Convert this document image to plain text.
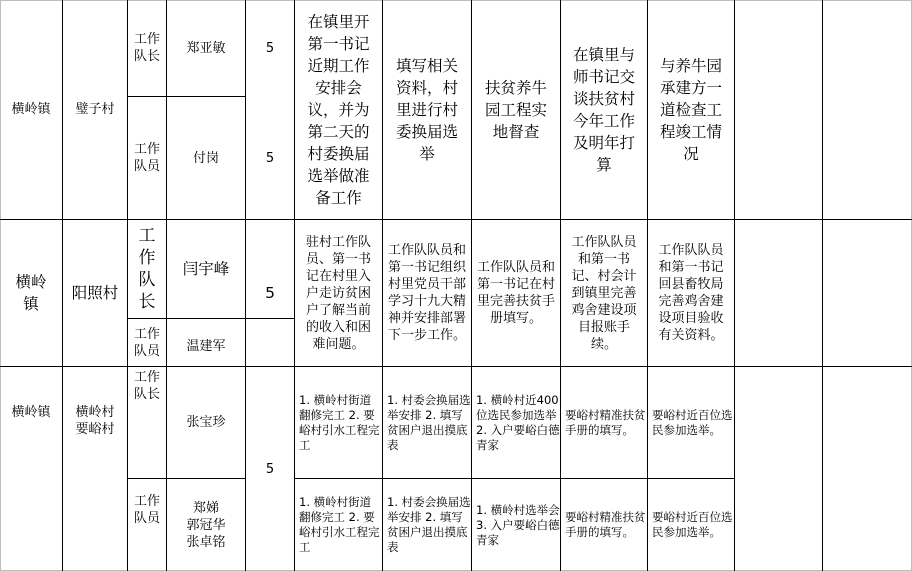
横岭镇 璧子村
工作队长
郑亚敏	5
工作队员
付岗	5
在镇里开第一书记近期工作安排会议，并为第二天的村委换届选举做准备工作
填写相关资料，村里进行村委换届选举
扶贫养牛园工程实地督查
在镇里与师书记交谈扶贫村今年工作及明年打算
与养牛园承建方一道检查工程竣工情况
横岭镇
阳照村
工作队长
闫宇峰
工作队员 温建军
5
驻村工作队员、第一书记在村里入户走访贫困户了解当前的收入和困难问题。
工作队队员和第一书记组织村里党员干部学习十九大精神并安排部署下一步工作。
工作队队员和第一书记在村里完善扶贫手册填写。
工作队队员和第一书记、村会计到镇里完善鸡舍建设项目报账手续。
工作队队员和第一书记回县畜牧局完善鸡舍建设项目验收有关资料。
横岭镇 横岭村要峪村
工作队长
张宝珍
工作队员
郑娣
郭冠华
张卓铭
5
1. 横岭村街道翻修完工 2. 要峪村引水工程完工
1. 村委会换届选举安排 2. 填写贫困户退出摸底表
1. 横岭村近400位选民参加选举 2. 入户要峪白德青家
要峪村精准扶贫手册的填写。
要峪村近百位选民参加选举。
1. 横岭村街道翻修完工 2. 要峪村引水工程完工
1. 村委会换届选举安排 2. 填写贫困户退出摸底表
1. 横岭村选举会 3. 入户要峪白德青家
要峪村精准扶贫手册的填写。
要峪村近百位选民参加选举。
